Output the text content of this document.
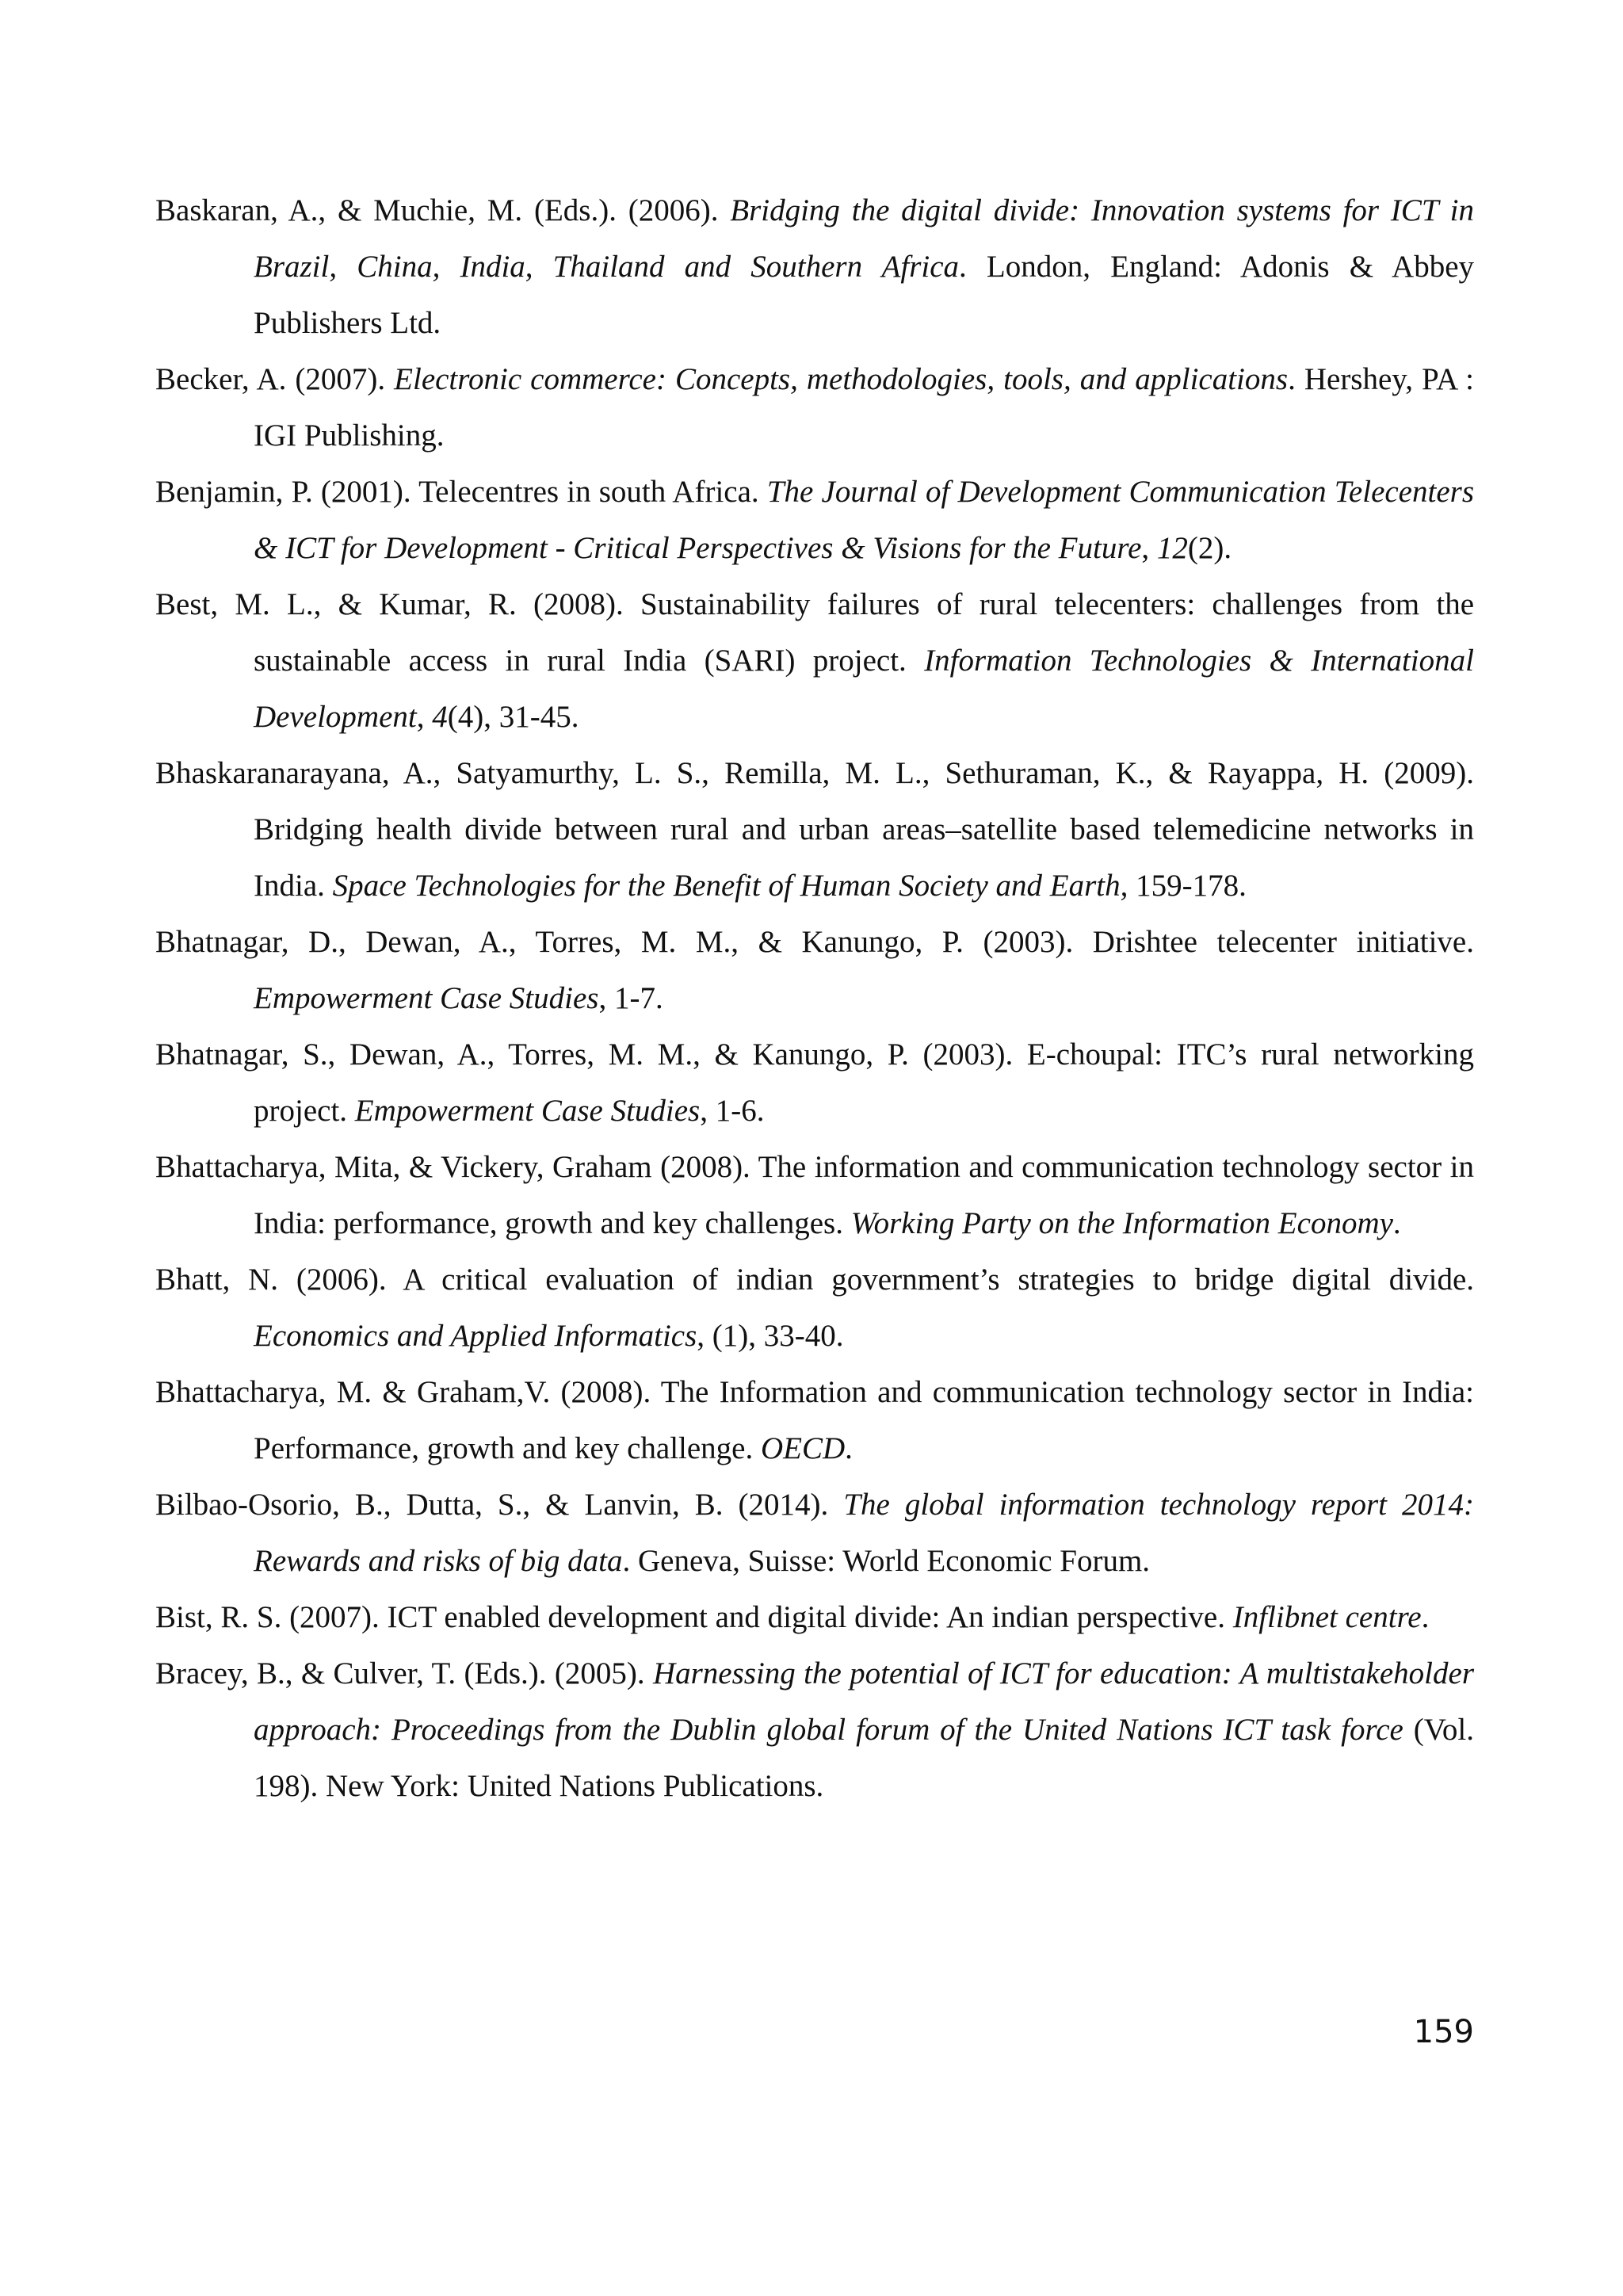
Baskaran, A., & Muchie, M. (Eds.). (2006). Bridging the digital divide: Innovation systems for ICT in Brazil, China, India, Thailand and Southern Africa. London, England: Adonis & Abbey Publishers Ltd.

Becker, A. (2007). Electronic commerce: Concepts, methodologies, tools, and applications. Hershey, PA : IGI Publishing.

Benjamin, P. (2001). Telecentres in south Africa. The Journal of Development Communication Telecenters & ICT for Development - Critical Perspectives & Visions for the Future, 12(2).

Best, M. L., & Kumar, R. (2008). Sustainability failures of rural telecenters: challenges from the sustainable access in rural India (SARI) project. Information Technologies & International Development, 4(4), 31-45.

Bhaskaranarayana, A., Satyamurthy, L. S., Remilla, M. L., Sethuraman, K., & Rayappa, H. (2009). Bridging health divide between rural and urban areas–satellite based telemedicine networks in India. Space Technologies for the Benefit of Human Society and Earth, 159-178.

Bhatnagar, D., Dewan, A., Torres, M. M., & Kanungo, P. (2003). Drishtee telecenter initiative. Empowerment Case Studies, 1-7.

Bhatnagar, S., Dewan, A., Torres, M. M., & Kanungo, P. (2003). E-choupal: ITC’s rural networking project. Empowerment Case Studies, 1-6.

Bhattacharya, Mita, & Vickery, Graham (2008). The information and communication technology sector in India: performance, growth and key challenges. Working Party on the Information Economy.

Bhatt, N. (2006). A critical evaluation of indian government’s strategies to bridge digital divide. Economics and Applied Informatics, (1), 33-40.

Bhattacharya, M. & Graham,V. (2008). The Information and communication technology sector in India: Performance, growth and key challenge. OECD.

Bilbao-Osorio, B., Dutta, S., & Lanvin, B. (2014). The global information technology report 2014: Rewards and risks of big data. Geneva, Suisse: World Economic Forum.

Bist, R. S. (2007). ICT enabled development and digital divide: An indian perspective. Inflibnet centre.

Bracey, B., & Culver, T. (Eds.). (2005). Harnessing the potential of ICT for education: A multistakeholder approach: Proceedings from the Dublin global forum of the United Nations ICT task force (Vol. 198). New York: United Nations Publications.

159
